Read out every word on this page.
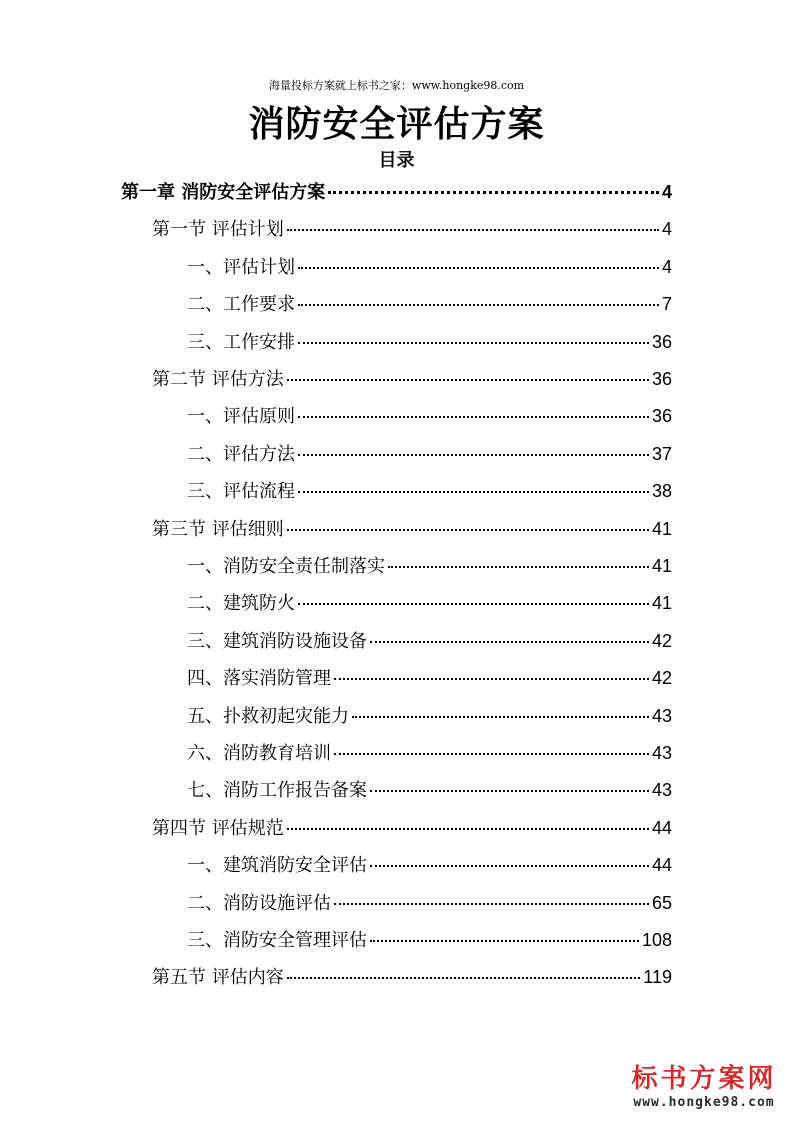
海量投标方案就上标书之家：www.hongke98.com
消防安全评估方案
目录
第一章 消防安全评估方案	4
第一节 评估计划	4
一、评估计划	4
二、工作要求	7
三、工作安排	36
第二节 评估方法	36
一、评估原则	36
二、评估方法	37
三、评估流程	38
第三节 评估细则	41
一、消防安全责任制落实	41
二、建筑防火	41
三、建筑消防设施设备	42
四、落实消防管理	42
五、扑救初起灾能力	43
六、消防教育培训	43
七、消防工作报告备案	43
第四节 评估规范	44
一、建筑消防安全评估	44
二、消防设施评估	65
三、消防安全管理评估	108
第五节 评估内容	119
标书方案网
www.hongke98.com
